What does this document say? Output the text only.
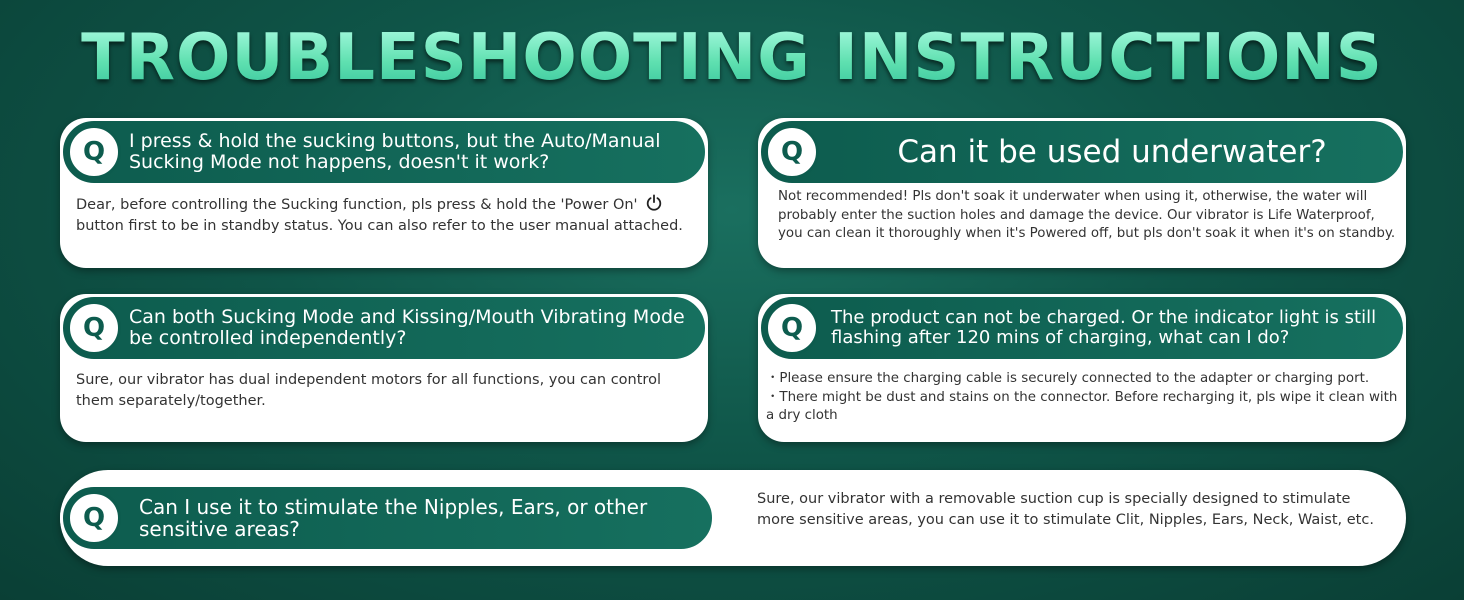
TROUBLESHOOTING INSTRUCTIONS
Q	I press & hold the sucking buttons, but the Auto/Manual Sucking Mode not happens, doesn't it work?
Dear, before controlling the Sucking function, pls press & hold the 'Power On'  button first to be in standby status. You can also refer to the user manual attached.
Q	Can it be used underwater?
Not recommended! Pls don't soak it underwater when using it, otherwise, the water will probably enter the suction holes and damage the device. Our vibrator is Life Waterproof, you can clean it thoroughly when it's Powered off, but pls don't soak it when it's on standby.
Q	Can both Sucking Mode and Kissing/Mouth Vibrating Mode be controlled independently?
Sure, our vibrator has dual independent motors for all functions, you can control them separately/together.
Q	The product can not be charged. Or the indicator light is still flashing after 120 mins of charging, what can I do?
・Please ensure the charging cable is securely connected to the adapter or charging port.
・There might be dust and stains on the connector. Before recharging it, pls wipe it clean with a dry cloth
Q	Can I use it to stimulate the Nipples, Ears, or other sensitive areas?
Sure, our vibrator with a removable suction cup is specially designed to stimulate more sensitive areas, you can use it to stimulate Clit, Nipples, Ears, Neck, Waist, etc.
